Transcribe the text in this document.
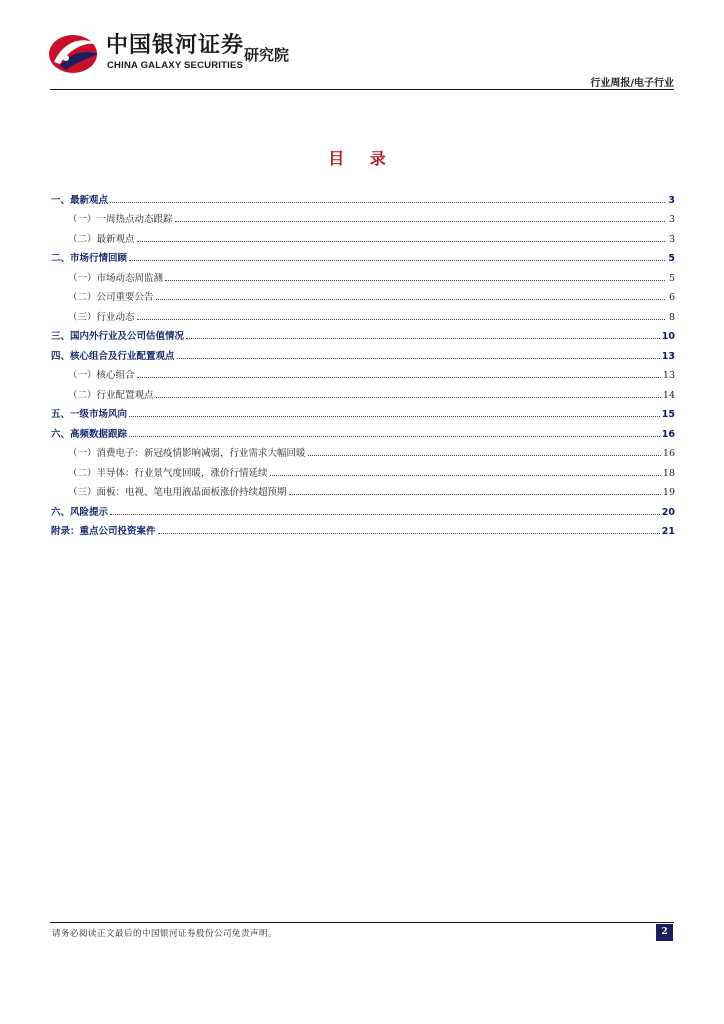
中国银河证券
CHINA GALAXY SECURITIES
研究院
行业周报/电子行业
目 录
一、最新观点	3
（一）一周热点动态跟踪	3
（二）最新观点	3
二、市场行情回顾	5
（一）市场动态周监测	5
（二）公司重要公告	6
（三）行业动态	8
三、国内外行业及公司估值情况	10
四、核心组合及行业配置观点	13
（一）核心组合	13
（二）行业配置观点	14
五、一级市场风向	15
六、高频数据跟踪	16
（一）消费电子：新冠疫情影响减弱，行业需求大幅回暖	16
（二）半导体：行业景气度回暖，涨价行情延续	18
（三）面板：电视、笔电用液晶面板涨价持续超预期	19
六、风险提示	20
附录：重点公司投资案件	21
请务必阅读正文最后的中国银河证券股份公司免责声明。	2
